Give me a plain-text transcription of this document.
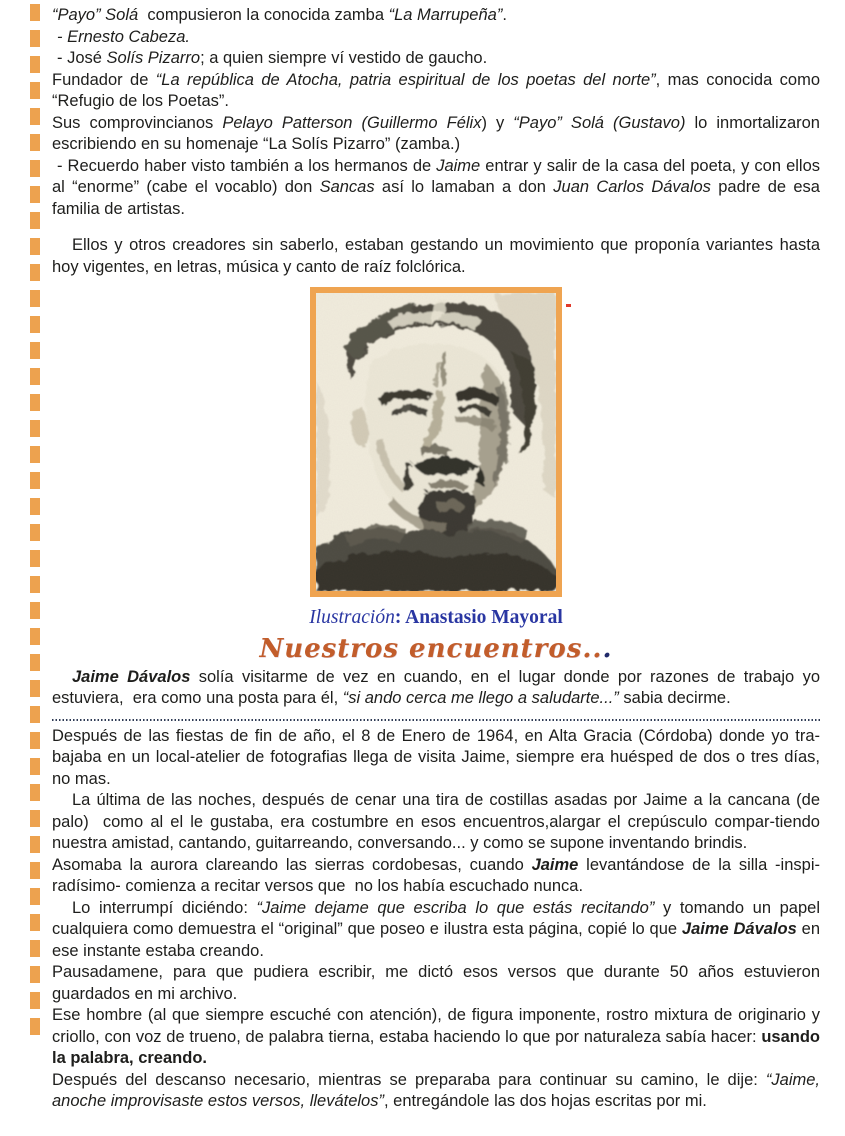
“Payo” Solá  compusieron la conocida zamba “La Marrupeña”.

- Ernesto Cabeza.

- José Solís Pizarro; a quien siempre ví vestido de gaucho.

Fundador de “La república de Atocha, patria espiritual de los poetas del norte”, mas conocida como “Refugio de los Poetas”.

Sus comprovincianos Pelayo Patterson (Guillermo Félix) y “Payo” Solá (Gustavo) lo inmortalizaron escribiendo en su homenaje “La Solís Pizarro” (zamba.)

- Recuerdo haber visto también a los hermanos de Jaime entrar y salir de la casa del poeta, y con ellos al “enorme” (cabe el vocablo) don Sancas así lo lamaban a don Juan Carlos Dávalos padre de esa familia de artistas.

Ellos y otros creadores sin saberlo, estaban gestando un movimiento que proponía variantes hasta hoy vigentes, en letras, música y canto de raíz folclórica.

Ilustración: Anastasio Mayoral
Nuestros encuentros...

Jaime Dávalos solía visitarme de vez en cuando, en el lugar donde por razones de trabajo yo estuviera,  era como una posta para él, “si ando cerca me llego a saludarte...” sabia decirme.

Después de las fiestas de fin de año, el 8 de Enero de 1964, en Alta Gracia (Córdoba) donde yo tra-bajaba en un local-atelier de fotografias llega de visita Jaime, siempre era huésped de dos o tres días, no mas.

La última de las noches, después de cenar una tira de costillas asadas por Jaime a la cancana (de palo)  como al el le gustaba, era costumbre en esos encuentros,alargar el crepúsculo compar-tiendo nuestra amistad, cantando, guitarreando, conversando... y como se supone inventando brindis.

Asomaba la aurora clareando las sierras cordobesas, cuando Jaime levantándose de la silla -inspi-radísimo- comienza a recitar versos que  no los había escuchado nunca.

Lo interrumpí diciéndo: “Jaime dejame que escriba lo que estás recitando” y tomando un papel cualquiera como demuestra el “original” que poseo e ilustra esta página, copié lo que Jaime Dávalos en ese instante estaba creando.

Pausadamene, para que pudiera escribir, me dictó esos versos que durante 50 años estuvieron guardados en mi archivo.

Ese hombre (al que siempre escuché con atención), de figura imponente, rostro mixtura de originario y criollo, con voz de trueno, de palabra tierna, estaba haciendo lo que por naturaleza sabía hacer: usando la palabra, creando.

Después del descanso necesario, mientras se preparaba para continuar su camino, le dije: “Jaime, anoche improvisaste estos versos, llevátelos”, entregándole las dos hojas escritas por mi.
